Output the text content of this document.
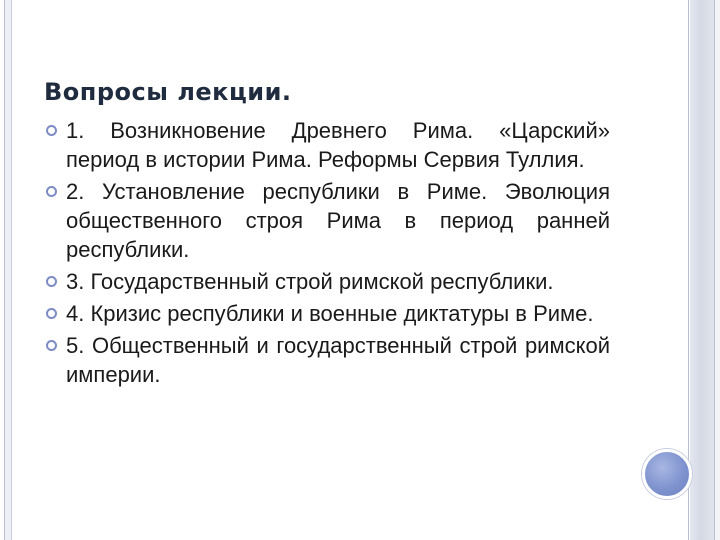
Вопросы лекции.
1. Возникновение Древнего Рима. «Царский» период в истории Рима. Реформы Сервия Туллия.
2. Установление республики в Риме. Эволюция общественного строя Рима в период ранней республики.
3. Государственный строй римской республики.
4. Кризис республики и военные диктатуры в Риме.
5. Общественный и государственный строй римской империи.
